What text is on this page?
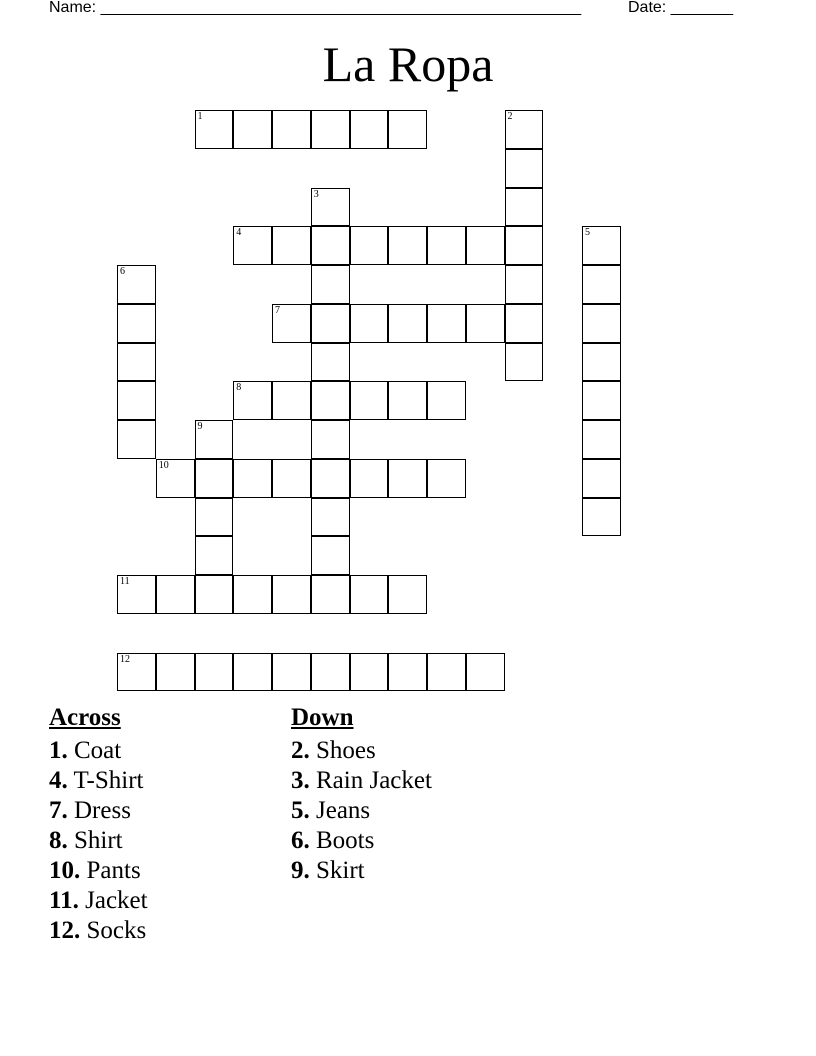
Name: ______________________________________________________	Date: _______
La Ropa
1	2
3
4	5
6
7
8
9
10
11
12
Across
1. Coat
4. T-Shirt
7. Dress
8. Shirt
10. Pants
11. Jacket
12. Socks
Down
2. Shoes
3. Rain Jacket
5. Jeans
6. Boots
9. Skirt
